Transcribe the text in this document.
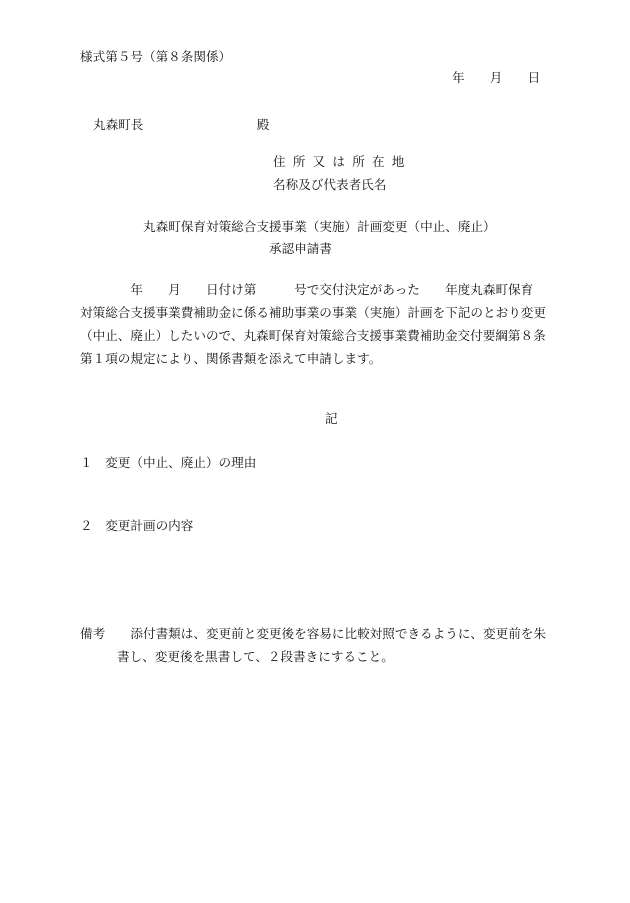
様式第５号（第８条関係）
年　　月　　日
丸森町長　　　　　　　　　殿
住 所 又 は 所 在 地
名称及び代表者氏名
丸森町保育対策総合支援事業（実施）計画変更（中止、廃止）
承認申請書
　　　　年　　月　　日付け第　　　号で交付決定があった　　年度丸森町保育
対策総合支援事業費補助金に係る補助事業の事業（実施）計画を下記のとおり変更
（中止、廃止）したいので、丸森町保育対策総合支援事業費補助金交付要綱第８条
第１項の規定により、関係書類を添えて申請します。
記
１　変更（中止、廃止）の理由
２　変更計画の内容
備考　　添付書類は、変更前と変更後を容易に比較対照できるように、変更前を朱
書し、変更後を黒書して、２段書きにすること。
